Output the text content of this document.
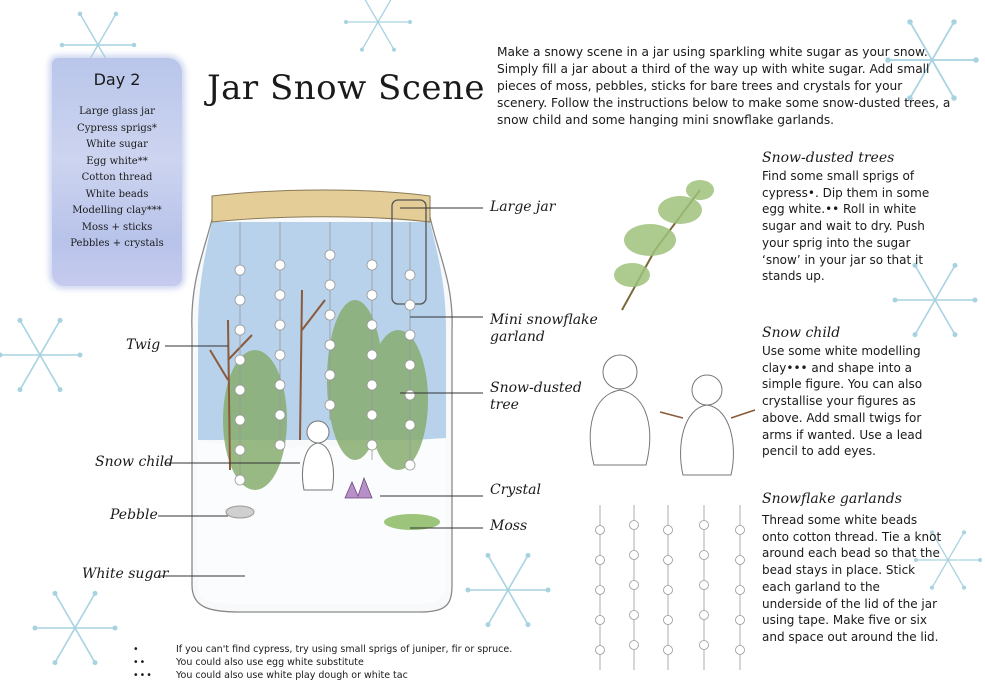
Day 2
Large glass jar
Cypress sprigs*
White sugar
Egg white**
Cotton thread
White beads
Modelling clay***
Moss + sticks
Pebbles + crystals
Jar Snow Scene
Make a snowy scene in a jar using sparkling white sugar as your snow. Simply fill a jar about a third of the way up with white sugar. Add small pieces of moss, pebbles, sticks for bare trees and crystals for your scenery. Follow the instructions below to make some snow-dusted trees, a snow child and some hanging mini snowflake garlands.
Large jar
Mini snowflake
garland
Snow-dusted
tree
Crystal
Moss
Twig
Snow child
Pebble
White sugar
Snow-dusted trees
Find some small sprigs of cypress•. Dip them in some egg white.•• Roll in white sugar and wait to dry. Push your sprig into the sugar ‘snow’ in your jar so that it stands up.
Snow child
Use some white modelling clay••• and shape into a simple figure. You can also crystallise your figures as above. Add small twigs for arms if wanted. Use a lead pencil to add eyes.
Snowflake garlands
Thread some white beads onto cotton thread. Tie a knot around each bead so that the bead stays in place. Stick each garland to the underside of the lid of the jar using tape. Make five or six and space out around the lid.
•	If you can't find cypress, try using small sprigs of juniper, fir or spruce.
••	You could also use egg white substitute
•••	You could also use white play dough or white tac
